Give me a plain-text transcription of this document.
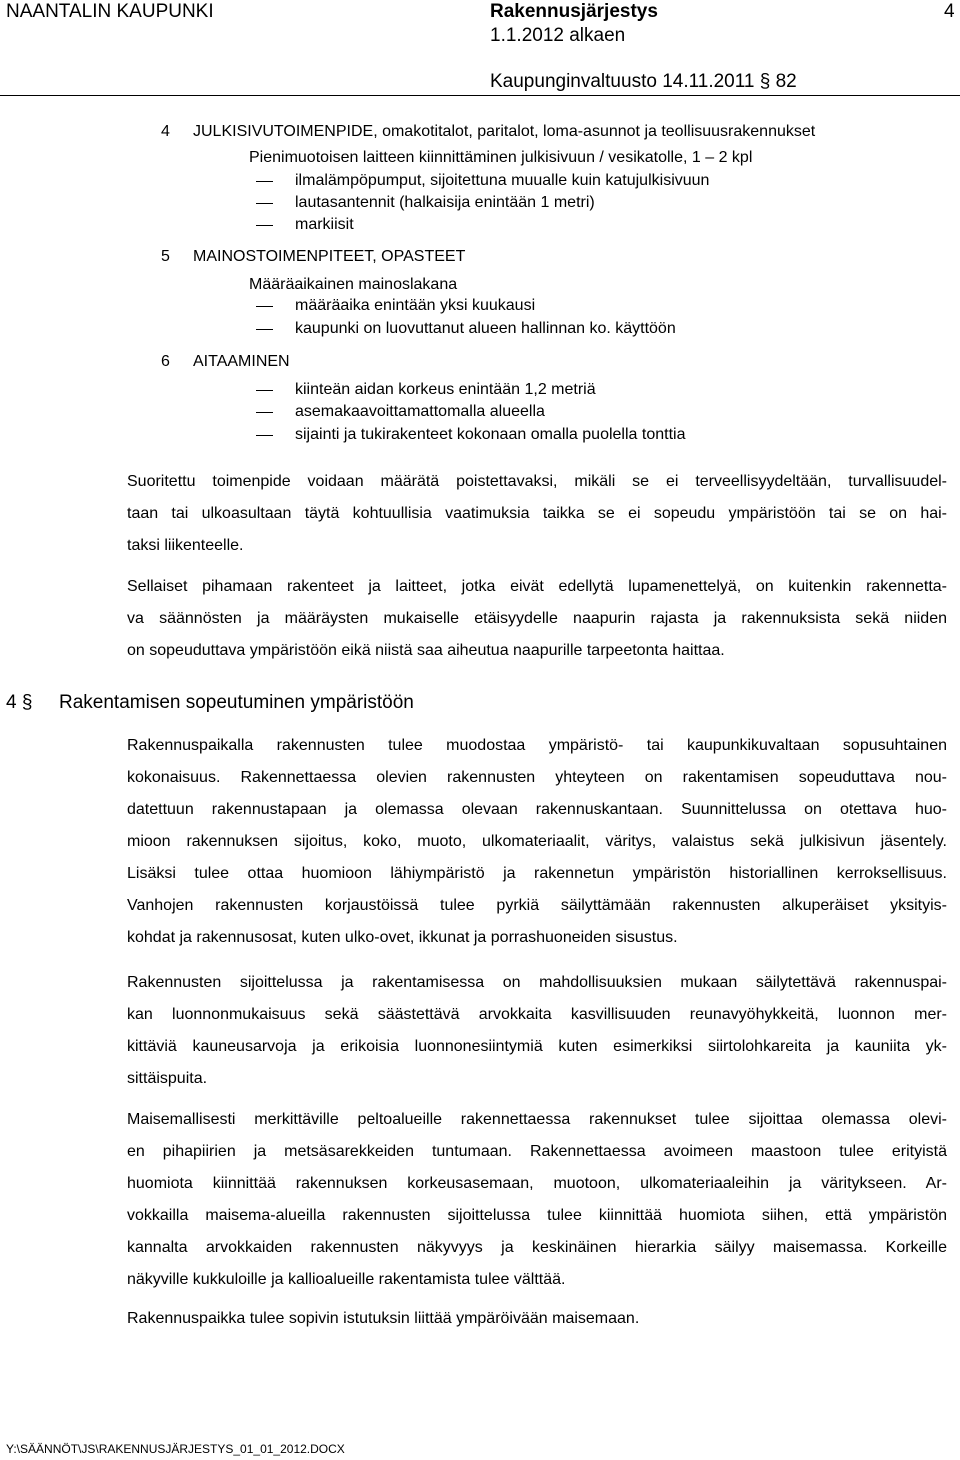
NAANTALIN KAUPUNKI	Rakennusjärjestys	4
1.1.2012 alkaen
Kaupunginvaltuusto 14.11.2011 § 82
4 JULKISIVUTOIMENPIDE, omakotitalot, paritalot, loma-asunnot ja teollisuusrakennukset
Pienimuotoisen laitteen kiinnittäminen julkisivuun / vesikatolle, 1 – 2 kpl
ilmalämpöpumput, sijoitettuna muualle kuin katujulkisivuun
lautasantennit (halkaisija enintään 1 metri)
markiisit
5 MAINOSTOIMENPITEET, OPASTEET
Määräaikainen mainoslakana
määräaika enintään yksi kuukausi
kaupunki on luovuttanut alueen hallinnan ko. käyttöön
6 AITAAMINEN
kiinteän aidan korkeus enintään 1,2 metriä
asemakaavoittamattomalla alueella
sijainti ja tukirakenteet kokonaan omalla puolella tonttia
Suoritettu toimenpide voidaan määrätä poistettavaksi, mikäli se ei terveellisyydeltään, turvallisuudel-
taan tai ulkoasultaan täytä kohtuullisia vaatimuksia taikka se ei sopeudu ympäristöön tai se on hai-
taksi liikenteelle.
Sellaiset pihamaan rakenteet ja laitteet, jotka eivät edellytä lupamenettelyä, on kuitenkin rakennetta-
va säännösten ja määräysten mukaiselle etäisyydelle naapurin rajasta ja rakennuksista sekä niiden
on sopeuduttava ympäristöön eikä niistä saa aiheutua naapurille tarpeetonta haittaa.
4 § Rakentamisen sopeutuminen ympäristöön
Rakennuspaikalla rakennusten tulee muodostaa ympäristö- tai kaupunkikuvaltaan sopusuhtainen
kokonaisuus. Rakennettaessa olevien rakennusten yhteyteen on rakentamisen sopeuduttava nou-
datettuun rakennustapaan ja olemassa olevaan rakennuskantaan. Suunnittelussa on otettava huo-
mioon rakennuksen sijoitus, koko, muoto, ulkomateriaalit, väritys, valaistus sekä julkisivun jäsentely.
Lisäksi tulee ottaa huomioon lähiympäristö ja rakennetun ympäristön historiallinen kerroksellisuus.
Vanhojen rakennusten korjaustöissä tulee pyrkiä säilyttämään rakennusten alkuperäiset yksityis-
kohdat ja rakennusosat, kuten ulko-ovet, ikkunat ja porrashuoneiden sisustus.
Rakennusten sijoittelussa ja rakentamisessa on mahdollisuuksien mukaan säilytettävä rakennuspai-
kan luonnonmukaisuus sekä säästettävä arvokkaita kasvillisuuden reunavyöhykkeitä, luonnon mer-
kittäviä kauneusarvoja ja erikoisia luonnonesiintymiä kuten esimerkiksi siirtolohkareita ja kauniita yk-
sittäispuita.
Maisemallisesti merkittäville peltoalueille rakennettaessa rakennukset tulee sijoittaa olemassa olevi-
en pihapiirien ja metsäsarekkeiden tuntumaan. Rakennettaessa avoimeen maastoon tulee erityistä
huomiota kiinnittää rakennuksen korkeusasemaan, muotoon, ulkomateriaaleihin ja väritykseen. Ar-
vokkailla maisema-alueilla rakennusten sijoittelussa tulee kiinnittää huomiota siihen, että ympäristön
kannalta arvokkaiden rakennusten näkyvyys ja keskinäinen hierarkia säilyy maisemassa. Korkeille
näkyville kukkuloille ja kallioalueille rakentamista tulee välttää.
Rakennuspaikka tulee sopivin istutuksin liittää ympäröivään maisemaan.
Y:\SÄÄNNÖT\JS\RAKENNUSJÄRJESTYS_01_01_2012.DOCX
